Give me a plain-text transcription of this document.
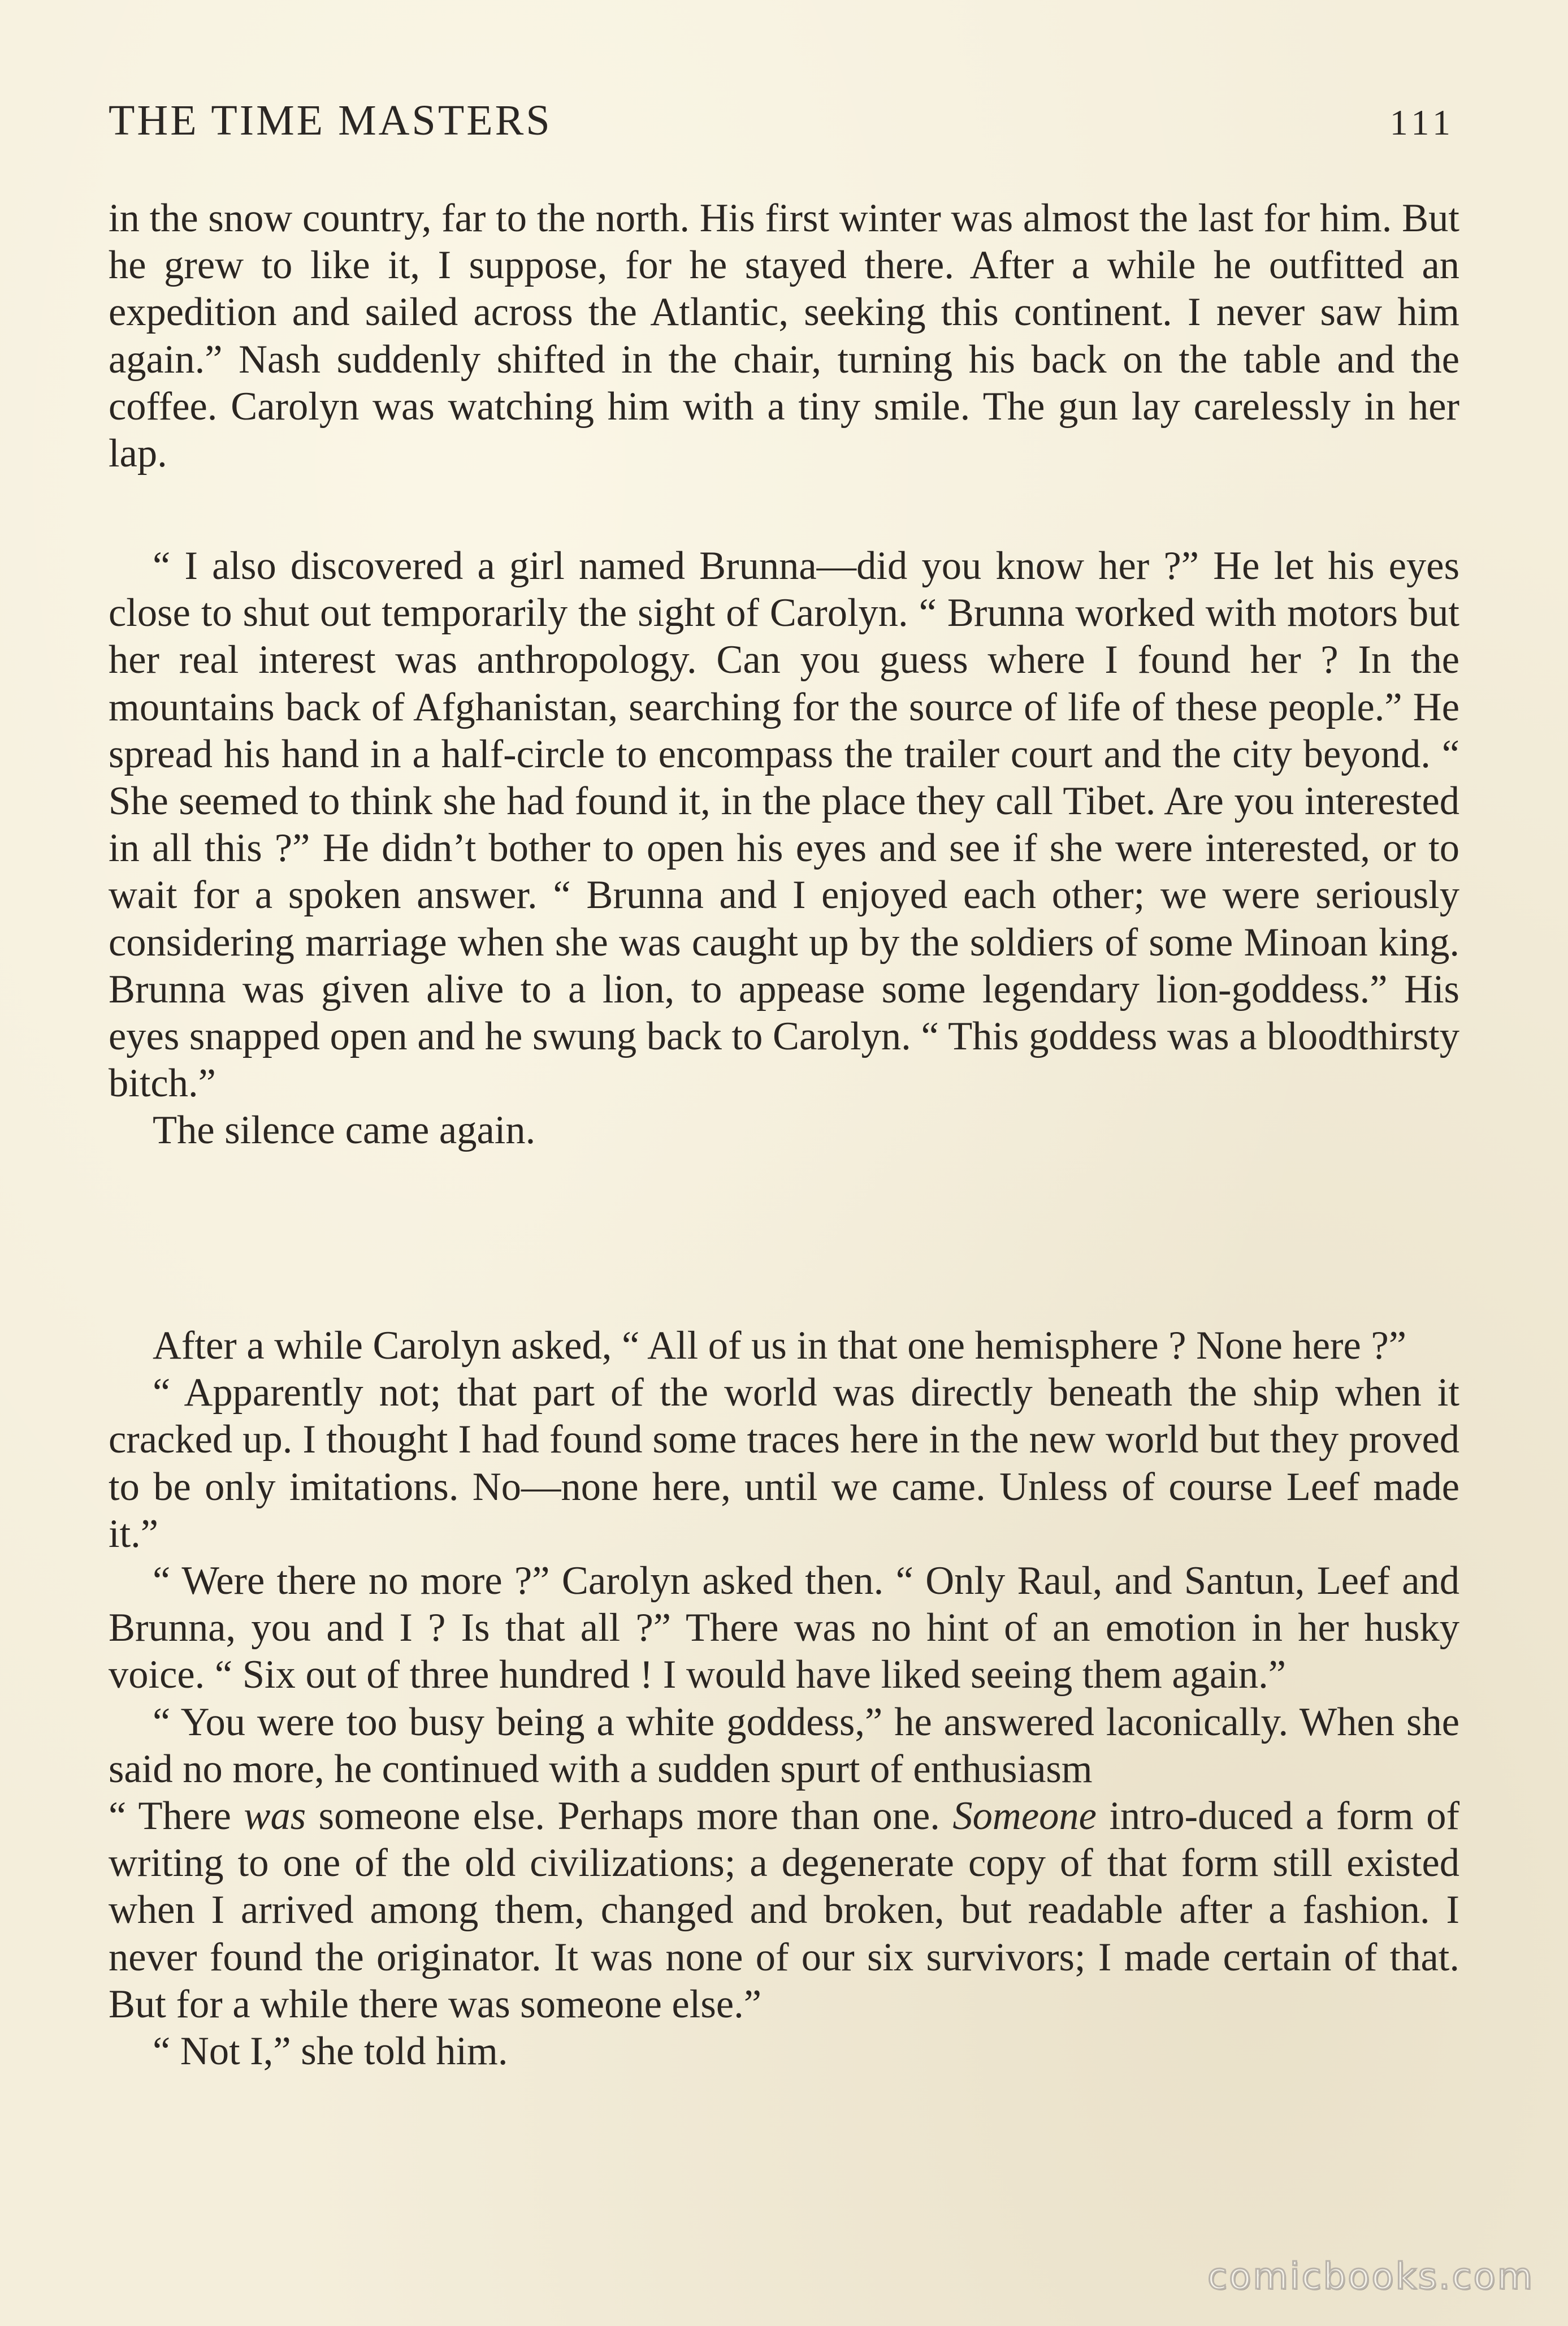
THE TIME MASTERS	111

in the snow country, far to the north. His first winter was almost the last for him. But he grew to like it, I suppose, for he stayed there. After a while he outfitted an expedition and sailed across the Atlantic, seeking this continent. I never saw him again.” Nash suddenly shifted in the chair, turning his back on the table and the coffee. Carolyn was watching him with a tiny smile. The gun lay carelessly in her lap.

“ I also discovered a girl named Brunna—did you know her ?” He let his eyes close to shut out temporarily the sight of Carolyn. “ Brunna worked with motors but her real interest was anthropology. Can you guess where I found her ? In the mountains back of Afghanistan, searching for the source of life of these people.” He spread his hand in a half-circle to encompass the trailer court and the city beyond. “ She seemed to think she had found it, in the place they call Tibet. Are you interested in all this ?” He didn’t bother to open his eyes and see if she were interested, or to wait for a spoken answer. “ Brunna and I enjoyed each other; we were seriously considering marriage when she was caught up by the soldiers of some Minoan king. Brunna was given alive to a lion, to appease some legendary lion-goddess.” His eyes snapped open and he swung back to Carolyn. “ This goddess was a bloodthirsty bitch.”

The silence came again.

After a while Carolyn asked, “ All of us in that one hemisphere ? None here ?”

“ Apparently not; that part of the world was directly beneath the ship when it cracked up. I thought I had found some traces here in the new world but they proved to be only imitations. No—none here, until we came. Unless of course Leef made it.”

“ Were there no more ?” Carolyn asked then. “ Only Raul, and Santun, Leef and Brunna, you and I ? Is that all ?” There was no hint of an emotion in her husky voice. “ Six out of three hundred ! I would have liked seeing them again.”

“ You were too busy being a white goddess,” he answered laconically. When she said no more, he continued with a sudden spurt of enthusiasm

“ There was someone else. Perhaps more than one. Someone intro-duced a form of writing to one of the old civilizations; a degenerate copy of that form still existed when I arrived among them, changed and broken, but readable after a fashion. I never found the originator. It was none of our six survivors; I made certain of that. But for a while there was someone else.”

“ Not I,” she told him.

comicbooks.com
